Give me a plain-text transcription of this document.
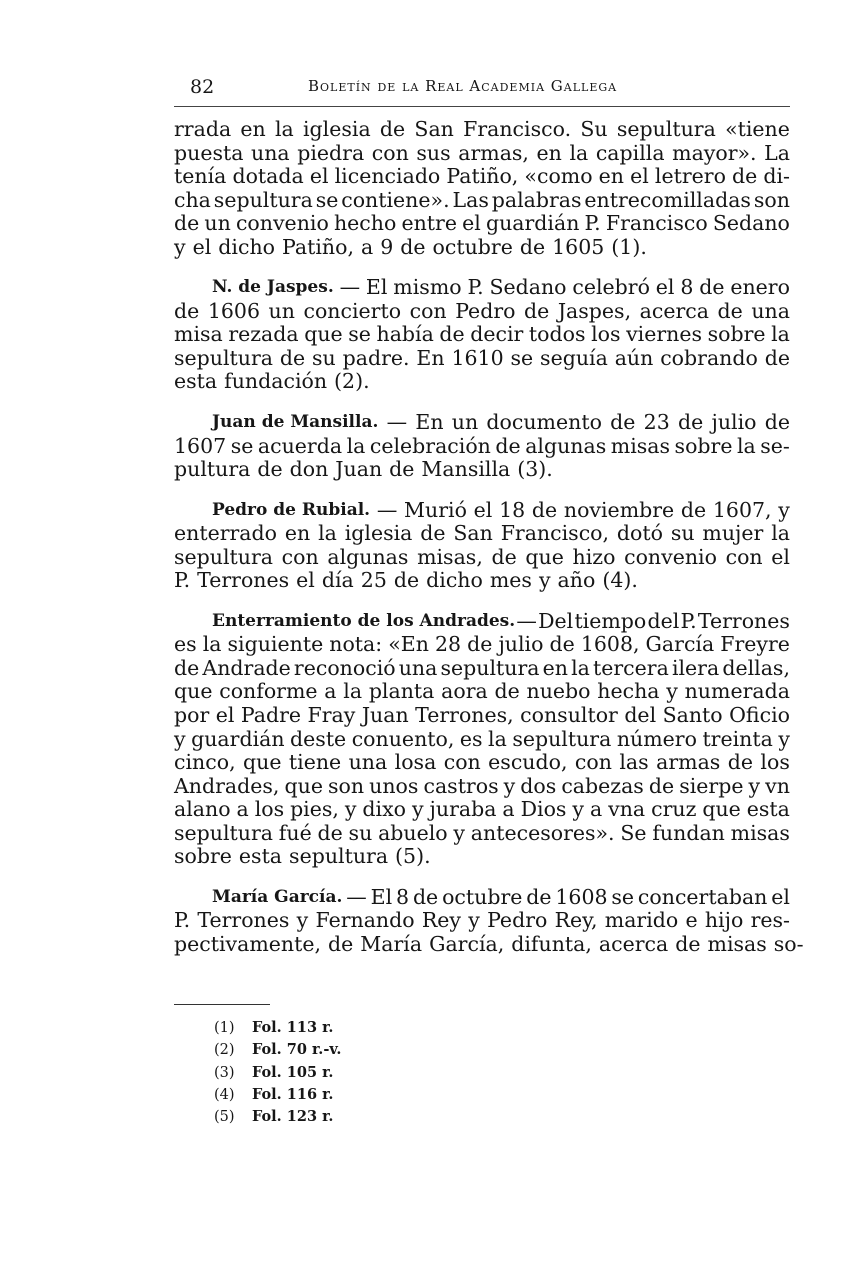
82	Boletín de la Real Academia Gallega
rrada en la iglesia de San Francisco. Su sepultura «tiene
puesta una piedra con sus armas, en la capilla mayor». La
tenía dotada el licenciado Patiño, «como en el letrero de di-
cha sepultura se contiene». Las palabras entrecomilladas son
de un convenio hecho entre el guardián P. Francisco Sedano
y el dicho Patiño, a 9 de octubre de 1605 (1).
N. de Jaspes. — El mismo P. Sedano celebró el 8 de enero
de 1606 un concierto con Pedro de Jaspes, acerca de una
misa rezada que se había de decir todos los viernes sobre la
sepultura de su padre. En 1610 se seguía aún cobrando de
esta fundación (2).
Juan de Mansilla. — En un documento de 23 de julio de
1607 se acuerda la celebración de algunas misas sobre la se-
pultura de don Juan de Mansilla (3).
Pedro de Rubial. — Murió el 18 de noviembre de 1607, y
enterrado en la iglesia de San Francisco, dotó su mujer la
sepultura con algunas misas, de que hizo convenio con el
P. Terrones el día 25 de dicho mes y año (4).
Enterramiento de los Andrades. — Del tiempo del P. Terrones
es la siguiente nota: «En 28 de julio de 1608, García Freyre
de Andrade reconoció una sepultura en la tercera ilera dellas,
que conforme a la planta aora de nuebo hecha y numerada
por el Padre Fray Juan Terrones, consultor del Santo Oficio
y guardián deste conuento, es la sepultura número treinta y
cinco, que tiene una losa con escudo, con las armas de los
Andrades, que son unos castros y dos cabezas de sierpe y vn
alano a los pies, y dixo y juraba a Dios y a vna cruz que esta
sepultura fué de su abuelo y antecesores». Se fundan misas
sobre esta sepultura (5).
María García. — El 8 de octubre de 1608 se concertaban el
P. Terrones y Fernando Rey y Pedro Rey, marido e hijo res-
pectivamente, de María García, difunta, acerca de misas so-
(1) Fol. 113 r.
(2) Fol. 70 r.-v.
(3) Fol. 105 r.
(4) Fol. 116 r.
(5) Fol. 123 r.
